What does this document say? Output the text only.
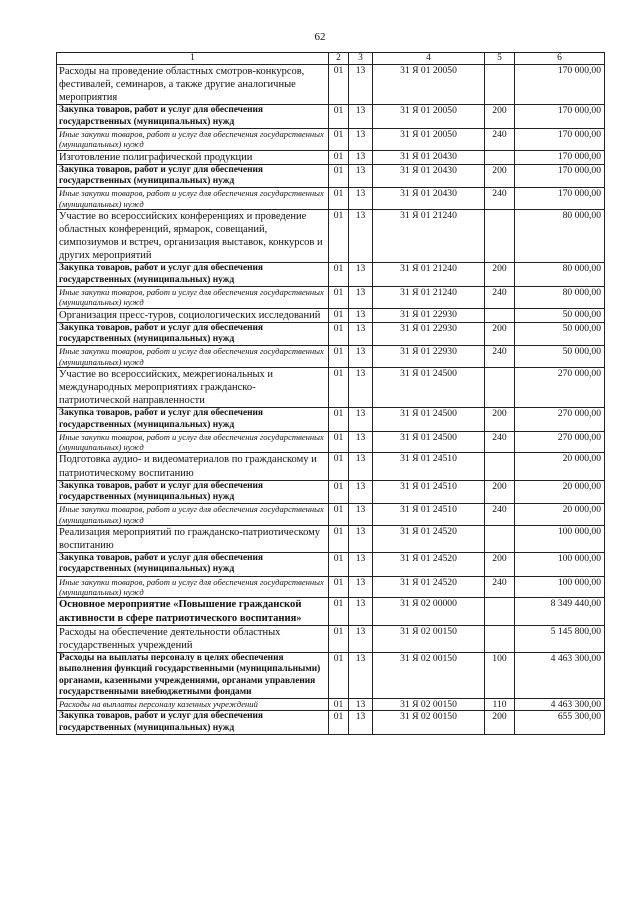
62
1	2	3	4	5	6
Расходы на проведение областных смотров-конкурсов, фестивалей, семинаров, а также другие аналогичные мероприятия	01	13	31 Я 01 20050		170 000,00
Закупка товаров, работ и услуг для обеспечения государственных (муниципальных) нужд	01	13	31 Я 01 20050	200	170 000,00
Иные закупки товаров, работ и услуг для обеспечения государственных (муниципальных) нужд	01	13	31 Я 01 20050	240	170 000,00
Изготовление полиграфической продукции	01	13	31 Я 01 20430		170 000,00
Закупка товаров, работ и услуг для обеспечения государственных (муниципальных) нужд	01	13	31 Я 01 20430	200	170 000,00
Иные закупки товаров, работ и услуг для обеспечения государственных (муниципальных) нужд	01	13	31 Я 01 20430	240	170 000,00
Участие во всероссийских конференциях и проведение областных конференций, ярмарок, совещаний, симпозиумов и встреч, организация выставок, конкурсов и других мероприятий	01	13	31 Я 01 21240		80 000,00
Закупка товаров, работ и услуг для обеспечения государственных (муниципальных) нужд	01	13	31 Я 01 21240	200	80 000,00
Иные закупки товаров, работ и услуг для обеспечения государственных (муниципальных) нужд	01	13	31 Я 01 21240	240	80 000,00
Организация пресс-туров, социологических исследований	01	13	31 Я 01 22930		50 000,00
Закупка товаров, работ и услуг для обеспечения государственных (муниципальных) нужд	01	13	31 Я 01 22930	200	50 000,00
Иные закупки товаров, работ и услуг для обеспечения государственных (муниципальных) нужд	01	13	31 Я 01 22930	240	50 000,00
Участие во всероссийских, межрегиональных и международных мероприятиях гражданско-патриотической направленности	01	13	31 Я 01 24500		270 000,00
Закупка товаров, работ и услуг для обеспечения государственных (муниципальных) нужд	01	13	31 Я 01 24500	200	270 000,00
Иные закупки товаров, работ и услуг для обеспечения государственных (муниципальных) нужд	01	13	31 Я 01 24500	240	270 000,00
Подготовка аудио- и видеоматериалов по гражданскому и патриотическому воспитанию	01	13	31 Я 01 24510		20 000,00
Закупка товаров, работ и услуг для обеспечения государственных (муниципальных) нужд	01	13	31 Я 01 24510	200	20 000,00
Иные закупки товаров, работ и услуг для обеспечения государственных (муниципальных) нужд	01	13	31 Я 01 24510	240	20 000,00
Реализация мероприятий по гражданско-патриотическому воспитанию	01	13	31 Я 01 24520		100 000,00
Закупка товаров, работ и услуг для обеспечения государственных (муниципальных) нужд	01	13	31 Я 01 24520	200	100 000,00
Иные закупки товаров, работ и услуг для обеспечения государственных (муниципальных) нужд	01	13	31 Я 01 24520	240	100 000,00
Основное мероприятие «Повышение гражданской активности в сфере патриотического воспитания»	01	13	31 Я 02 00000		8 349 440,00
Расходы на обеспечение деятельности областных государственных учреждений	01	13	31 Я 02 00150		5 145 800,00
Расходы на выплаты персоналу в целях обеспечения выполнения функций государственными (муниципальными) органами, казенными учреждениями, органами управления государственными внебюджетными фондами	01	13	31 Я 02 00150	100	4 463 300,00
Расходы на выплаты персоналу казенных учреждений	01	13	31 Я 02 00150	110	4 463 300,00
Закупка товаров, работ и услуг для обеспечения государственных (муниципальных) нужд	01	13	31 Я 02 00150	200	655 300,00
